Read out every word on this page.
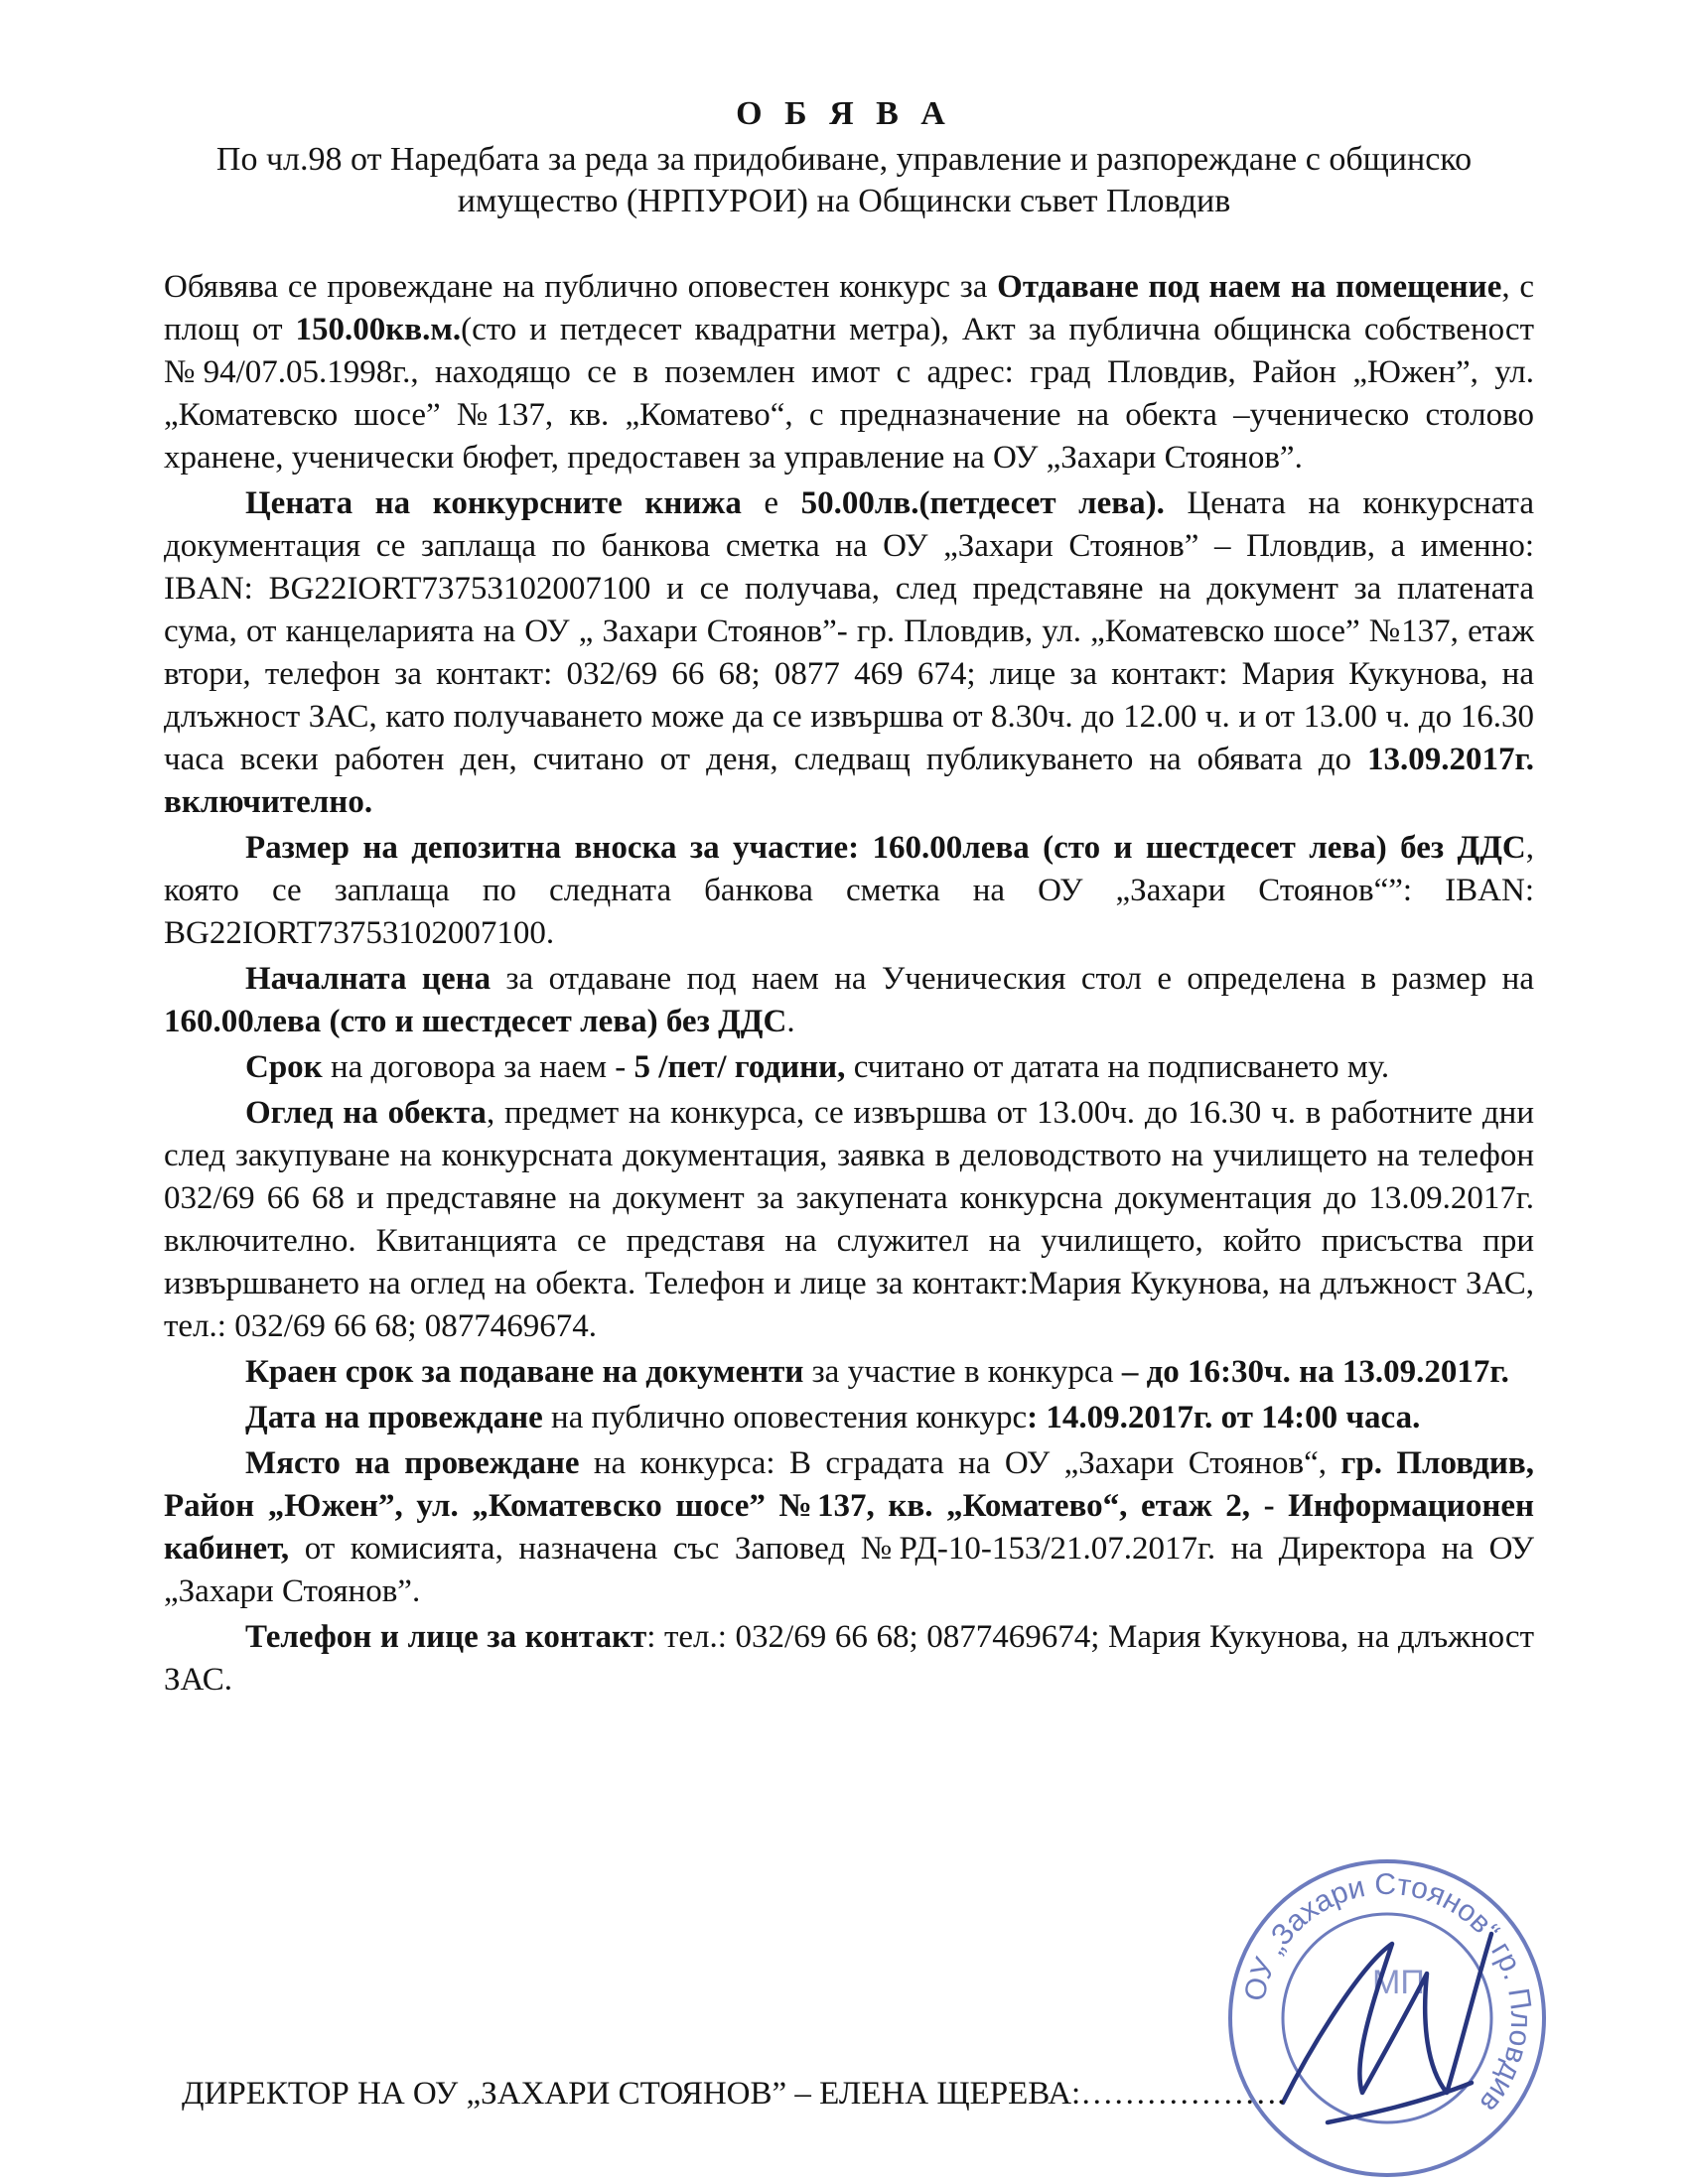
О Б Я В А

По чл.98 от Наредбата за реда за придобиване, управление и разпореждане с общинско имущество (НРПУРОИ) на Общински съвет Пловдив

Обявява се провеждане на публично оповестен конкурс за Отдаване под наем на помещение, с площ от 150.00кв.м.(сто и петдесет квадратни метра), Акт за публична общинска собственост №94/07.05.1998г., находящо се в поземлен имот с адрес: град Пловдив, Район „Южен”, ул. „Коматевско шосе” №137, кв. „Коматево“, с предназначение на обекта –ученическо столово хранене, ученически бюфет, предоставен за управление на ОУ „Захари Стоянов”.

Цената на конкурсните книжа е 50.00лв.(петдесет лева). Цената на конкурсната документация се заплаща по банкова сметка на ОУ „Захари Стоянов” – Пловдив, а именно: IBAN: BG22IORT73753102007100 и се получава, след представяне на документ за платената сума, от канцеларията на ОУ „ Захари Стоянов”- гр. Пловдив, ул. „Коматевско шосе” №137, етаж втори, телефон за контакт: 032/69 66 68; 0877 469 674; лице за контакт: Мария Кукунова, на длъжност ЗАС, като получаването може да се извършва от 8.30ч. до 12.00 ч. и от 13.00 ч. до 16.30 часа всеки работен ден, считано от деня, следващ публикуването на обявата до 13.09.2017г. включително.

Размер на депозитна вноска за участие: 160.00лева (сто и шестдесет лева) без ДДС, която се заплаща по следната банкова сметка на ОУ „Захари Стоянов“”: IBAN: BG22IORT73753102007100.

Началната цена за отдаване под наем на Ученическия стол е определена в размер на 160.00лева (сто и шестдесет лева) без ДДС.

Срок на договора за наем - 5 /пет/ години, считано от датата на подписването му.

Оглед на обекта, предмет на конкурса, се извършва от 13.00ч. до 16.30 ч. в работните дни след закупуване на конкурсната документация, заявка в деловодството на училището на телефон 032/69 66 68 и представяне на документ за закупената конкурсна документация до 13.09.2017г. включително. Квитанцията се представя на служител на училището, който присъства при извършването на оглед на обекта. Телефон и лице за контакт:Мария Кукунова, на длъжност ЗАС, тел.: 032/69 66 68; 0877469674.

Краен срок за подаване на документи за участие в конкурса – до 16:30ч. на 13.09.2017г.

Дата на провеждане на публично оповестения конкурс: 14.09.2017г. от 14:00 часа.

Място на провеждане на конкурса: В сградата на ОУ „Захари Стоянов“, гр. Пловдив, Район „Южен”, ул. „Коматевско шосе” №137, кв. „Коматево“, етаж 2, - Информационен кабинет, от комисията, назначена със Заповед №РД-10-153/21.07.2017г. на Директора на ОУ „Захари Стоянов”.

Телефон и лице за контакт: тел.: 032/69 66 68; 0877469674; Мария Кукунова, на длъжност ЗАС.

ОУ „Захари Стоянов“ гр. Пловдив
МП

ДИРЕКТОР НА ОУ „ЗАХАРИ СТОЯНОВ” – ЕЛЕНА ЩЕРЕВА:……………….
